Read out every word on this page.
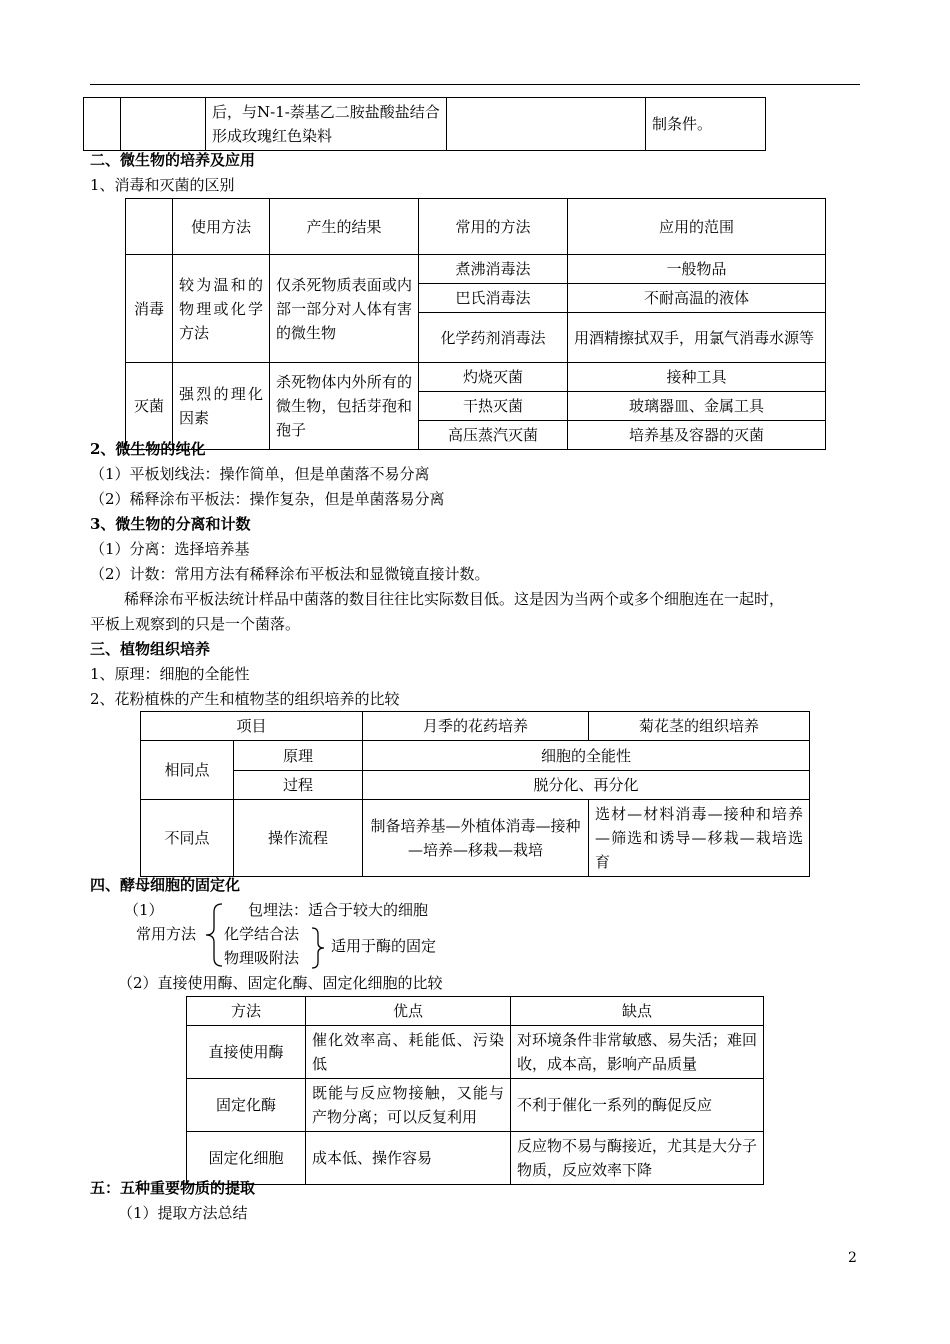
		后，与N-1-萘基乙二胺盐酸盐结合形成玫瑰红色染料		制条件。
二、微生物的培养及应用
1、消毒和灭菌的区别
	使用方法	产生的结果	常用的方法	应用的范围
消毒	较为温和的物理或化学方法	仅杀死物质表面或内部一部分对人体有害的微生物	煮沸消毒法	一般物品
			巴氏消毒法	不耐高温的液体
			化学药剂消毒法	用酒精擦拭双手，用氯气消毒水源等
灭菌	强烈的理化因素	杀死物体内外所有的微生物，包括芽孢和孢子	灼烧灭菌	接种工具
			干热灭菌	玻璃器皿、金属工具
			高压蒸汽灭菌	培养基及容器的灭菌
2、微生物的纯化
（1）平板划线法：操作简单，但是单菌落不易分离
（2）稀释涂布平板法：操作复杂，但是单菌落易分离
3、微生物的分离和计数
（1）分离：选择培养基
（2）计数：常用方法有稀释涂布平板法和显微镜直接计数。
稀释涂布平板法统计样品中菌落的数目往往比实际数目低。这是因为当两个或多个细胞连在一起时，
平板上观察到的只是一个菌落。
三、植物组织培养
1、原理：细胞的全能性
2、花粉植株的产生和植物茎的组织培养的比较
项目		月季的花药培养	菊花茎的组织培养
相同点	原理	细胞的全能性	
	过程	脱分化、再分化	
不同点	操作流程	制备培养基—外植体消毒—接种—培养—移栽—栽培	选材—材料消毒—接种和培养—筛选和诱导—移栽—栽培选育
四、酵母细胞的固定化
（1）	包埋法：适合于较大的细胞
常用方法 化学结合法
物理吸附法
适用于酶的固定
（2）直接使用酶、固定化酶、固定化细胞的比较
方法	优点	缺点
直接使用酶	催化效率高、耗能低、污染低	对环境条件非常敏感、易失活；难回收，成本高，影响产品质量
固定化酶	既能与反应物接触，又能与产物分离；可以反复利用	不利于催化一系列的酶促反应
固定化细胞	成本低、操作容易	反应物不易与酶接近，尤其是大分子物质，反应效率下降
五：五种重要物质的提取
（1）提取方法总结
2
